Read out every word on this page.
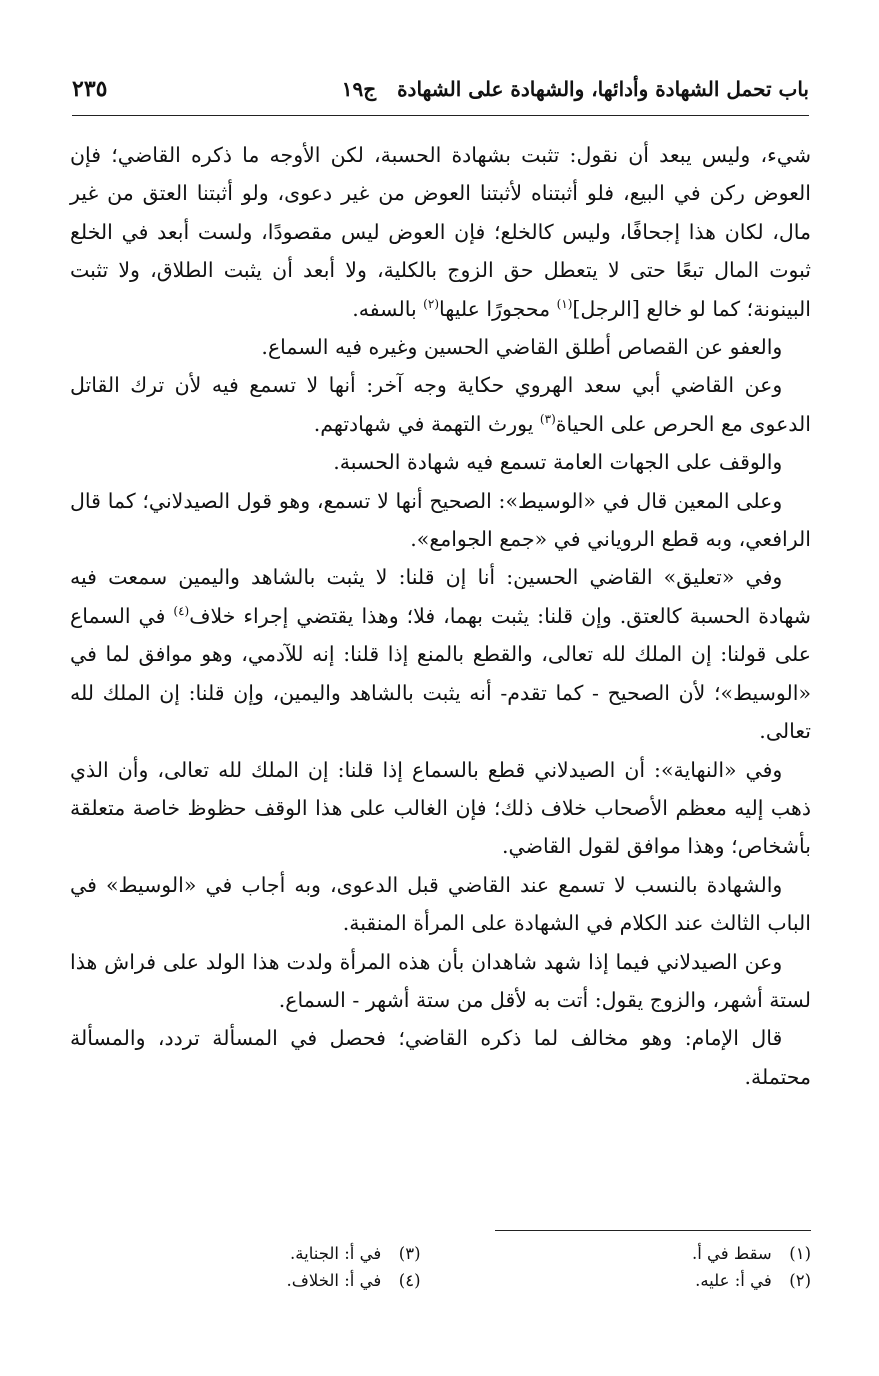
باب تحمل الشهادة وأدائها، والشهادة على الشهادة ج١٩
٢٣٥

شيء، وليس يبعد أن نقول: تثبت بشهادة الحسبة، لكن الأوجه ما ذكره القاضي؛ فإن العوض ركن في البيع، فلو أثبتناه لأثبتنا العوض من غير دعوى، ولو أثبتنا العتق من غير مال، لكان هذا إجحافًا، وليس كالخلع؛ فإن العوض ليس مقصودًا، ولست أبعد في الخلع ثبوت المال تبعًا حتى لا يتعطل حق الزوج بالكلية، ولا أبعد أن يثبت الطلاق، ولا تثبت البينونة؛ كما لو خالع [الرجل]$^{(١)}$ محجورًا عليها$^{(٢)}$ بالسفه.

والعفو عن القصاص أطلق القاضي الحسين وغيره فيه السماع.

وعن القاضي أبي سعد الهروي حكاية وجه آخر: أنها لا تسمع فيه لأن ترك القاتل الدعوى مع الحرص على الحياة$^{(٣)}$ يورث التهمة في شهادتهم.

والوقف على الجهات العامة تسمع فيه شهادة الحسبة.

وعلى المعين قال في «الوسيط»: الصحيح أنها لا تسمع، وهو قول الصيدلاني؛ كما قال الرافعي، وبه قطع الروياني في «جمع الجوامع».

وفي «تعليق» القاضي الحسين: أنا إن قلنا: لا يثبت بالشاهد واليمين سمعت فيه شهادة الحسبة كالعتق. وإن قلنا: يثبت بهما، فلا؛ وهذا يقتضي إجراء خلاف$^{(٤)}$ في السماع على قولنا: إن الملك لله تعالى، والقطع بالمنع إذا قلنا: إنه للآدمي، وهو موافق لما في «الوسيط»؛ لأن الصحيح - كما تقدم- أنه يثبت بالشاهد واليمين، وإن قلنا: إن الملك لله تعالى.

وفي «النهاية»: أن الصيدلاني قطع بالسماع إذا قلنا: إن الملك لله تعالى، وأن الذي ذهب إليه معظم الأصحاب خلاف ذلك؛ فإن الغالب على هذا الوقف حظوظ خاصة متعلقة بأشخاص؛ وهذا موافق لقول القاضي.

والشهادة بالنسب لا تسمع عند القاضي قبل الدعوى، وبه أجاب في «الوسيط» في الباب الثالث عند الكلام في الشهادة على المرأة المنقبة.

وعن الصيدلاني فيما إذا شهد شاهدان بأن هذه المرأة ولدت هذا الولد على فراش هذا لستة أشهر، والزوج يقول: أتت به لأقل من ستة أشهر - السماع.

قال الإمام: وهو مخالف لما ذكره القاضي؛ فحصل في المسألة تردد، والمسألة محتملة.

(١) سقط في أ.
(٣) في أ: الجناية.
(٢) في أ: عليه.
(٤) في أ: الخلاف.
